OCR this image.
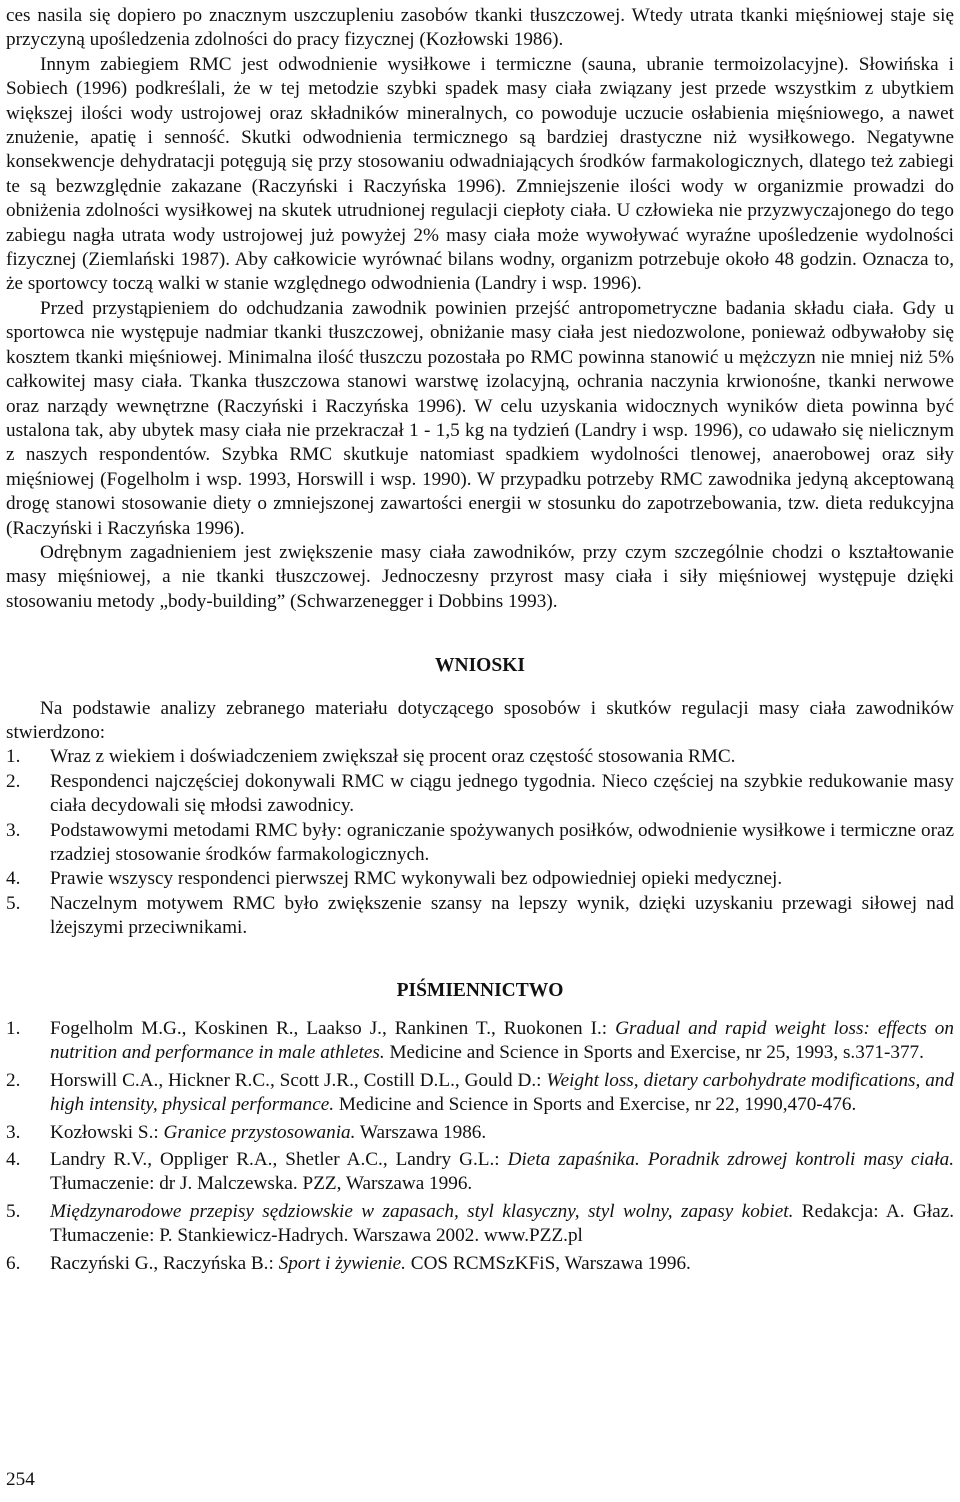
ces nasila się dopiero po znacznym uszczupleniu zasobów tkanki tłuszczowej. Wtedy utrata tkanki mięśniowej staje się przyczyną upośledzenia zdolności do pracy fizycznej (Kozłowski 1986).

Innym zabiegiem RMC jest odwodnienie wysiłkowe i termiczne (sauna, ubranie termoizolacyjne). Słowińska i Sobiech (1996) podkreślali, że w tej metodzie szybki spadek masy ciała związany jest przede wszystkim z ubytkiem większej ilości wody ustrojowej oraz składników mineralnych, co powoduje uczucie osłabienia mięśniowego, a nawet znużenie, apatię i senność. Skutki odwodnienia termicznego są bardziej drastyczne niż wysiłkowego. Negatywne konsekwencje dehydratacji potęgują się przy stosowaniu odwadniających środków farmakologicznych, dlatego też zabiegi te są bezwzględnie zakazane (Raczyński i Raczyńska 1996). Zmniejszenie ilości wody w organizmie prowadzi do obniżenia zdolności wysiłkowej na skutek utrudnionej regulacji ciepłoty ciała. U człowieka nie przyzwyczajonego do tego zabiegu nagła utrata wody ustrojowej już powyżej 2% masy ciała może wywoływać wyraźne upośledzenie wydolności fizycznej (Ziemlański 1987). Aby całkowicie wyrównać bilans wodny, organizm potrzebuje około 48 godzin. Oznacza to, że sportowcy toczą walki w stanie względnego odwodnienia (Landry i wsp. 1996).

Przed przystąpieniem do odchudzania zawodnik powinien przejść antropometryczne badania składu ciała. Gdy u sportowca nie występuje nadmiar tkanki tłuszczowej, obniżanie masy ciała jest niedozwolone, ponieważ odbywałoby się kosztem tkanki mięśniowej. Minimalna ilość tłuszczu pozostała po RMC powinna stanowić u mężczyzn nie mniej niż 5% całkowitej masy ciała. Tkanka tłuszczowa stanowi warstwę izolacyjną, ochrania naczynia krwionośne, tkanki nerwowe oraz narządy wewnętrzne (Raczyński i Raczyńska 1996). W celu uzyskania widocznych wyników dieta powinna być ustalona tak, aby ubytek masy ciała nie przekraczał 1 - 1,5 kg na tydzień (Landry i wsp. 1996), co udawało się nielicznym z naszych respondentów. Szybka RMC skutkuje natomiast spadkiem wydolności tlenowej, anaerobowej oraz siły mięśniowej (Fogelholm i wsp. 1993, Horswill i wsp. 1990). W przypadku potrzeby RMC zawodnika jedyną akceptowaną drogę stanowi stosowanie diety o zmniejszonej zawartości energii w stosunku do zapotrzebowania, tzw. dieta redukcyjna (Raczyński i Raczyńska 1996).

Odrębnym zagadnieniem jest zwiększenie masy ciała zawodników, przy czym szczególnie chodzi o kształtowanie masy mięśniowej, a nie tkanki tłuszczowej. Jednoczesny przyrost masy ciała i siły mięśniowej występuje dzięki stosowaniu metody „body-building” (Schwarzenegger i Dobbins 1993).

WNIOSKI

Na podstawie analizy zebranego materiału dotyczącego sposobów i skutków regulacji masy ciała zawodników stwierdzono:

1. Wraz z wiekiem i doświadczeniem zwiększał się procent oraz częstość stosowania RMC.
2. Respondenci najczęściej dokonywali RMC w ciągu jednego tygodnia. Nieco częściej na szybkie redukowanie masy ciała decydowali się młodsi zawodnicy.
3. Podstawowymi metodami RMC były: ograniczanie spożywanych posiłków, odwodnienie wysiłkowe i termiczne oraz rzadziej stosowanie środków farmakologicznych.
4. Prawie wszyscy respondenci pierwszej RMC wykonywali bez odpowiedniej opieki medycznej.
5. Naczelnym motywem RMC było zwiększenie szansy na lepszy wynik, dzięki uzyskaniu przewagi siłowej nad lżejszymi przeciwnikami.
PIŚMIENNICTWO
1. Fogelholm M.G., Koskinen R., Laakso J., Rankinen T., Ruokonen I.: Gradual and rapid weight loss: effects on nutrition and performance in male athletes. Medicine and Science in Sports and Exercise, nr 25, 1993, s.371-377.
2. Horswill C.A., Hickner R.C., Scott J.R., Costill D.L., Gould D.: Weight loss, dietary carbohydrate modifications, and high intensity, physical performance. Medicine and Science in Sports and Exercise, nr 22, 1990,470-476.
3. Kozłowski S.: Granice przystosowania. Warszawa 1986.
4. Landry R.V., Oppliger R.A., Shetler A.C., Landry G.L.: Dieta zapaśnika. Poradnik zdrowej kontroli masy ciała. Tłumaczenie: dr J. Malczewska. PZZ, Warszawa 1996.
5. Międzynarodowe przepisy sędziowskie w zapasach, styl klasyczny, styl wolny, zapasy kobiet. Redakcja: A. Głaz. Tłumaczenie: P. Stankiewicz-Hadrych. Warszawa 2002. www.PZZ.pl
6. Raczyński G., Raczyńska B.: Sport i żywienie. COS RCMSzKFiS, Warszawa 1996.
254
